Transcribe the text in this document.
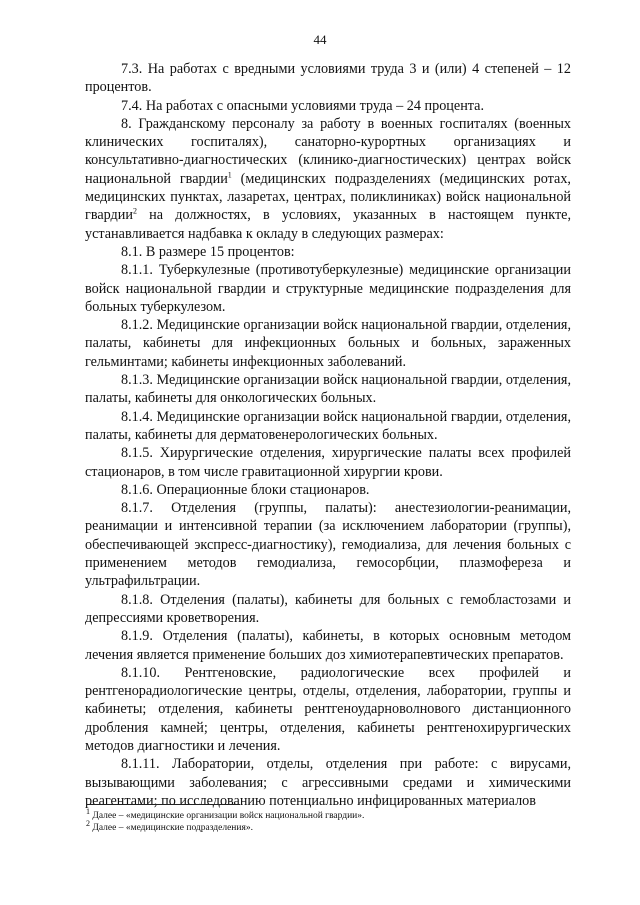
44

7.3. На работах с вредными условиями труда 3 и (или) 4 степеней – 12 процентов.

7.4. На работах с опасными условиями труда – 24 процента.

8. Гражданскому персоналу за работу в военных госпиталях (военных клинических госпиталях), санаторно-курортных организациях и консультативно-диагностических (клинико-диагностических) центрах войск национальной гвардии$^1$ (медицинских подразделениях (медицинских ротах, медицинских пунктах, лазаретах, центрах, поликлиниках) войск национальной гвардии$^2$ на должностях, в условиях, указанных в настоящем пункте, устанавливается надбавка к окладу в следующих размерах:

8.1. В размере 15 процентов:

8.1.1. Туберкулезные (противотуберкулезные) медицинские организации войск национальной гвардии и структурные медицинские подразделения для больных туберкулезом.

8.1.2. Медицинские организации войск национальной гвардии, отделения, палаты, кабинеты для инфекционных больных и больных, зараженных гельминтами; кабинеты инфекционных заболеваний.

8.1.3. Медицинские организации войск национальной гвардии, отделения, палаты, кабинеты для онкологических больных.

8.1.4. Медицинские организации войск национальной гвардии, отделения, палаты, кабинеты для дерматовенерологических больных.

8.1.5. Хирургические отделения, хирургические палаты всех профилей стационаров, в том числе гравитационной хирургии крови.

8.1.6. Операционные блоки стационаров.

8.1.7. Отделения (группы, палаты): анестезиологии-реанимации, реанимации и интенсивной терапии (за исключением лаборатории (группы), обеспечивающей экспресс-диагностику), гемодиализа, для лечения больных с применением методов гемодиализа, гемосорбции, плазмофереза и ультрафильтрации.

8.1.8. Отделения (палаты), кабинеты для больных с гемобластозами и депрессиями кроветворения.

8.1.9. Отделения (палаты), кабинеты, в которых основным методом лечения является применение больших доз химиотерапевтических препаратов.

8.1.10. Рентгеновские, радиологические всех профилей и рентгенорадиологические центры, отделы, отделения, лаборатории, группы и кабинеты; отделения, кабинеты рентгеноударноволнового дистанционного дробления камней; центры, отделения, кабинеты рентгенохирургических методов диагностики и лечения.

8.1.11. Лаборатории, отделы, отделения при работе: с вирусами, вызывающими заболевания; с агрессивными средами и химическими реагентами; по исследованию потенциально инфицированных материалов

$^1$ Далее – «медицинские организации войск национальной гвардии».
$^2$ Далее – «медицинские подразделения».
